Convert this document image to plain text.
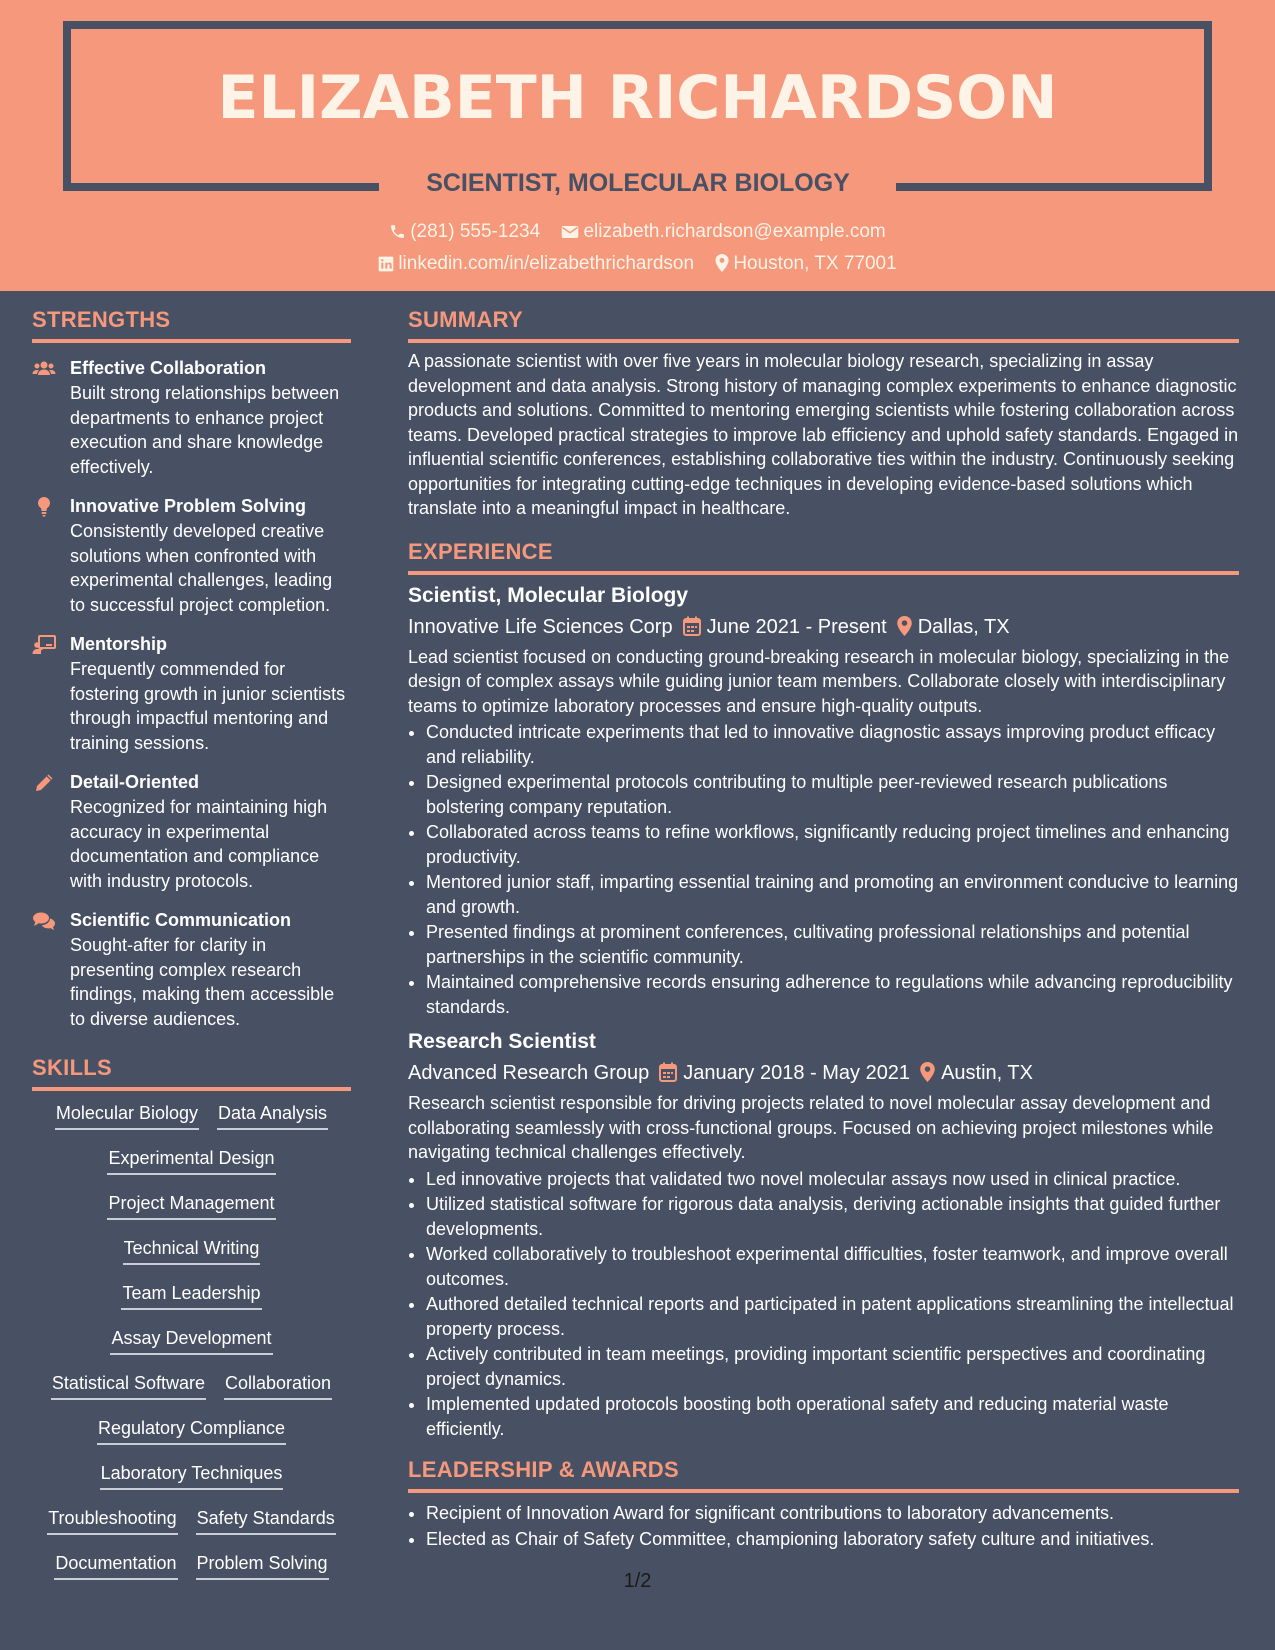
ELIZABETH RICHARDSON
SCIENTIST, MOLECULAR BIOLOGY
(281) 555-1234 elizabeth.richardson@example.com
linkedin.com/in/elizabethrichardson Houston, TX 77001
STRENGTHS
Effective Collaboration
Built strong relationships between departments to enhance project execution and share knowledge effectively.
Innovative Problem Solving
Consistently developed creative solutions when confronted with experimental challenges, leading to successful project completion.
Mentorship
Frequently commended for fostering growth in junior scientists through impactful mentoring and training sessions.
Detail-Oriented
Recognized for maintaining high accuracy in experimental documentation and compliance with industry protocols.
Scientific Communication
Sought-after for clarity in presenting complex research findings, making them accessible to diverse audiences.
SKILLS
Molecular Biology Data Analysis
Experimental Design
Project Management
Technical Writing
Team Leadership
Assay Development
Statistical Software Collaboration
Regulatory Compliance
Laboratory Techniques
Troubleshooting Safety Standards
Documentation Problem Solving
SUMMARY
A passionate scientist with over five years in molecular biology research, specializing in assay development and data analysis. Strong history of managing complex experiments to enhance diagnostic products and solutions. Committed to mentoring emerging scientists while fostering collaboration across teams. Developed practical strategies to improve lab efficiency and uphold safety standards. Engaged in influential scientific conferences, establishing collaborative ties within the industry. Continuously seeking opportunities for integrating cutting-edge techniques in developing evidence-based solutions which translate into a meaningful impact in healthcare.
EXPERIENCE
Scientist, Molecular Biology
Innovative Life Sciences Corp June 2021 - Present Dallas, TX
Lead scientist focused on conducting ground-breaking research in molecular biology, specializing in the design of complex assays while guiding junior team members. Collaborate closely with interdisciplinary teams to optimize laboratory processes and ensure high-quality outputs.
• Conducted intricate experiments that led to innovative diagnostic assays improving product efficacy and reliability.
• Designed experimental protocols contributing to multiple peer-reviewed research publications bolstering company reputation.
• Collaborated across teams to refine workflows, significantly reducing project timelines and enhancing productivity.
• Mentored junior staff, imparting essential training and promoting an environment conducive to learning and growth.
• Presented findings at prominent conferences, cultivating professional relationships and potential partnerships in the scientific community.
• Maintained comprehensive records ensuring adherence to regulations while advancing reproducibility standards.
Research Scientist
Advanced Research Group January 2018 - May 2021 Austin, TX
Research scientist responsible for driving projects related to novel molecular assay development and collaborating seamlessly with cross-functional groups. Focused on achieving project milestones while navigating technical challenges effectively.
• Led innovative projects that validated two novel molecular assays now used in clinical practice.
• Utilized statistical software for rigorous data analysis, deriving actionable insights that guided further developments.
• Worked collaboratively to troubleshoot experimental difficulties, foster teamwork, and improve overall outcomes.
• Authored detailed technical reports and participated in patent applications streamlining the intellectual property process.
• Actively contributed in team meetings, providing important scientific perspectives and coordinating project dynamics.
• Implemented updated protocols boosting both operational safety and reducing material waste efficiently.
LEADERSHIP & AWARDS
• Recipient of Innovation Award for significant contributions to laboratory advancements.
• Elected as Chair of Safety Committee, championing laboratory safety culture and initiatives.
1/2
